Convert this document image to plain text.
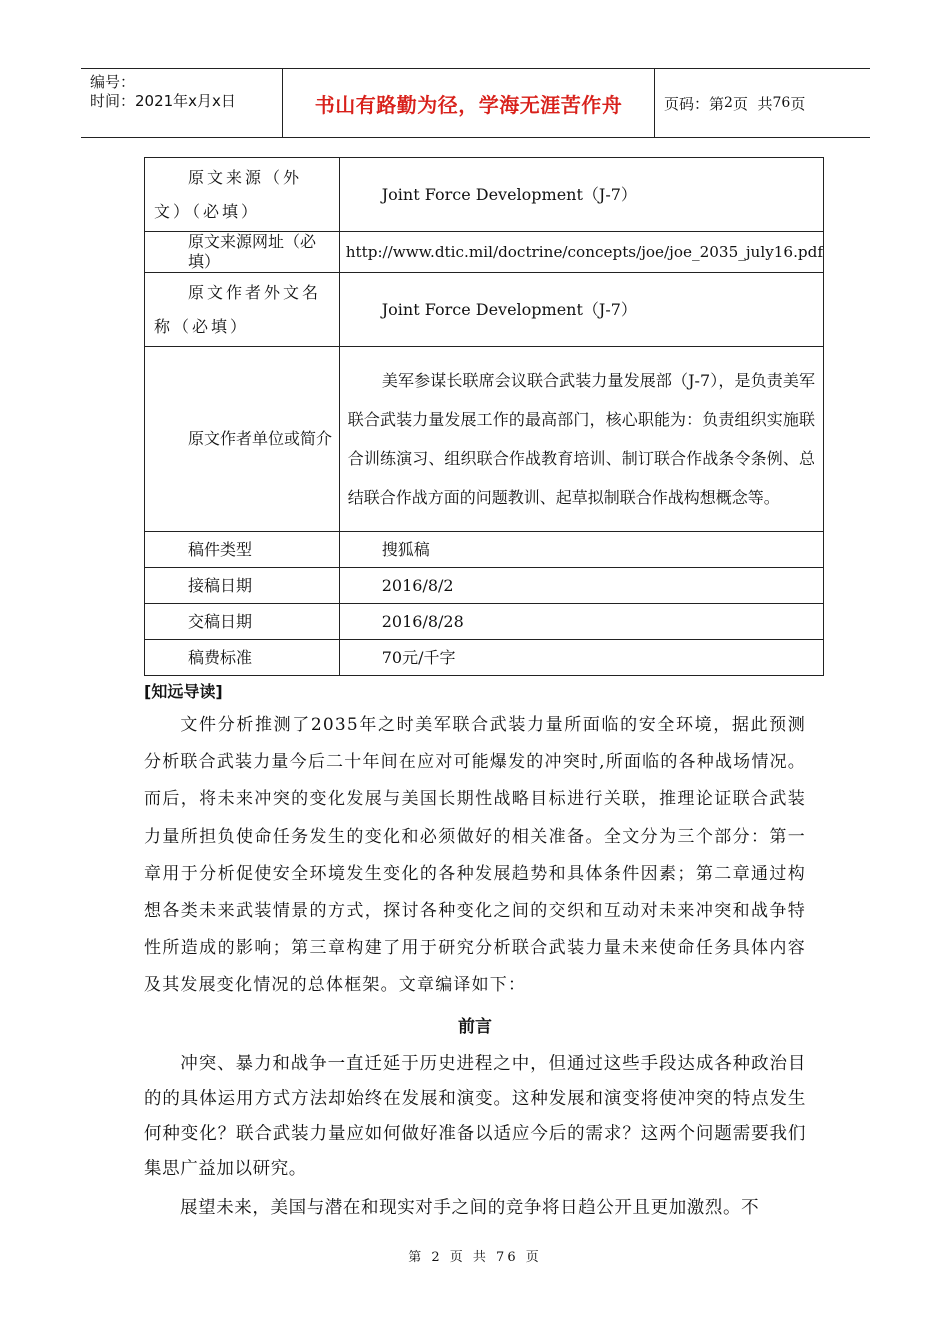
编号：
时间：2021年x月x日	书山有路勤为径，学海无涯苦作舟	页码：第 2 页  共 76 页
原文来源（外文）（必填）	Joint Force Development（J-7）

原文来源网址（必填）	http://www.dtic.mil/doctrine/concepts/joe/joe_2035_july16.pdf

原文作者外文名称（必填）	Joint Force Development（J-7）

原文作者单位或简介	美军参谋长联席会议联合武装力量发展部（J-7），是负责美军联合武装力量发展工作的最高部门，核心职能为：负责组织实施联合训练演习、组织联合作战教育培训、制订联合作战条令条例、总结联合作战方面的问题教训、起草拟制联合作战构想概念等。

稿件类型	搜狐稿

接稿日期	2016/8/2

交稿日期	2016/8/28

稿费标准	70元/千字
[知远导读]
文件分析推测了2035年之时美军联合武装力量所面临的安全环境，据此预测分析联合武装力量今后二十年间在应对可能爆发的冲突时,所面临的各种战场情况。而后，将未来冲突的变化发展与美国长期性战略目标进行关联，推理论证联合武装力量所担负使命任务发生的变化和必须做好的相关准备。全文分为三个部分：第一章用于分析促使安全环境发生变化的各种发展趋势和具体条件因素；第二章通过构想各类未来武装情景的方式，探讨各种变化之间的交织和互动对未来冲突和战争特性所造成的影响；第三章构建了用于研究分析联合武装力量未来使命任务具体内容及其发展变化情况的总体框架。文章编译如下：
前言
冲突、暴力和战争一直迁延于历史进程之中，但通过这些手段达成各种政治目的的具体运用方式方法却始终在发展和演变。这种发展和演变将使冲突的特点发生何种变化？联合武装力量应如何做好准备以适应今后的需求？这两个问题需要我们集思广益加以研究。
展望未来，美国与潜在和现实对手之间的竞争将日趋公开且更加激烈。不
第 2 页 共 76 页
